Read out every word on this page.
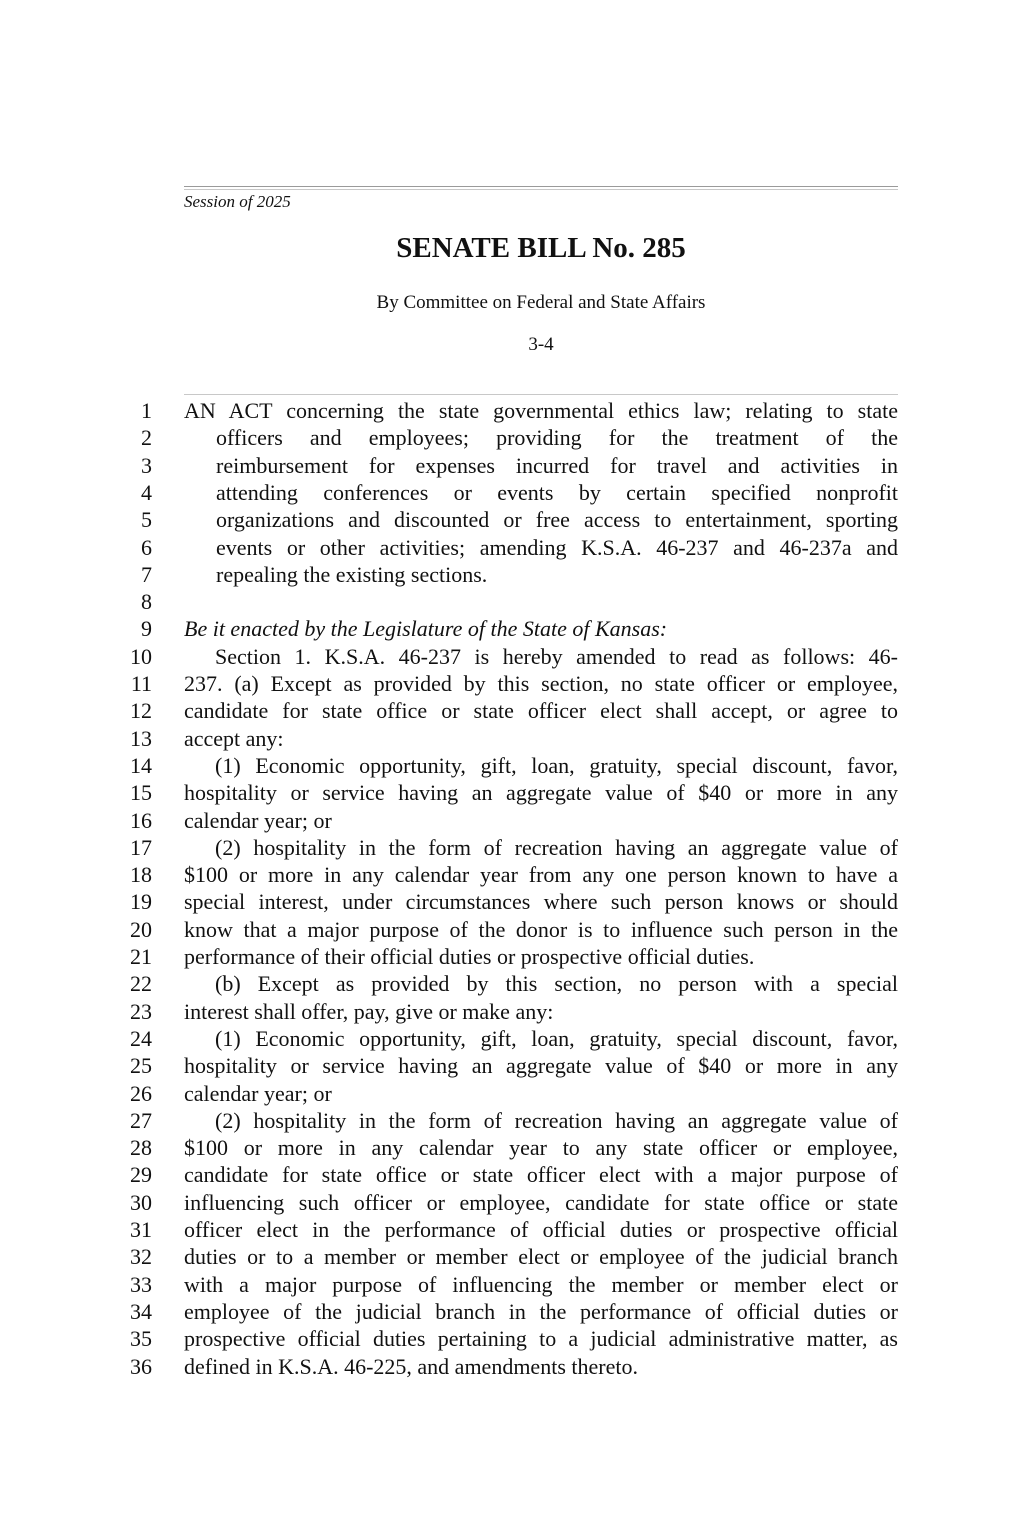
Session of 2025
SENATE BILL No. 285
By Committee on Federal and State Affairs
3-4
1 AN ACT concerning the state governmental ethics law; relating to state
2	officers and employees; providing for the treatment of the
3	reimbursement for expenses incurred for travel and activities in
4	attending conferences or events by certain specified nonprofit
5	organizations and discounted or free access to entertainment, sporting
6	events or other activities; amending K.S.A. 46-237 and 46-237a and
7	repealing the existing sections.
8
9 Be it enacted by the Legislature of the State of Kansas:
10	Section 1. K.S.A. 46-237 is hereby amended to read as follows: 46-
11 237. (a) Except as provided by this section, no state officer or employee,
12 candidate for state office or state officer elect shall accept, or agree to
13 accept any:
14	(1) Economic opportunity, gift, loan, gratuity, special discount, favor,
15 hospitality or service having an aggregate value of $40 or more in any
16 calendar year; or
17	(2) hospitality in the form of recreation having an aggregate value of
18 $100 or more in any calendar year from any one person known to have a
19 special interest, under circumstances where such person knows or should
20 know that a major purpose of the donor is to influence such person in the
21 performance of their official duties or prospective official duties.
22	(b) Except as provided by this section, no person with a special
23 interest shall offer, pay, give or make any:
24	(1) Economic opportunity, gift, loan, gratuity, special discount, favor,
25 hospitality or service having an aggregate value of $40 or more in any
26 calendar year; or
27	(2) hospitality in the form of recreation having an aggregate value of
28 $100 or more in any calendar year to any state officer or employee,
29 candidate for state office or state officer elect with a major purpose of
30 influencing such officer or employee, candidate for state office or state
31 officer elect in the performance of official duties or prospective official
32 duties or to a member or member elect or employee of the judicial branch
33 with a major purpose of influencing the member or member elect or
34 employee of the judicial branch in the performance of official duties or
35 prospective official duties pertaining to a judicial administrative matter, as
36 defined in K.S.A. 46-225, and amendments thereto.
